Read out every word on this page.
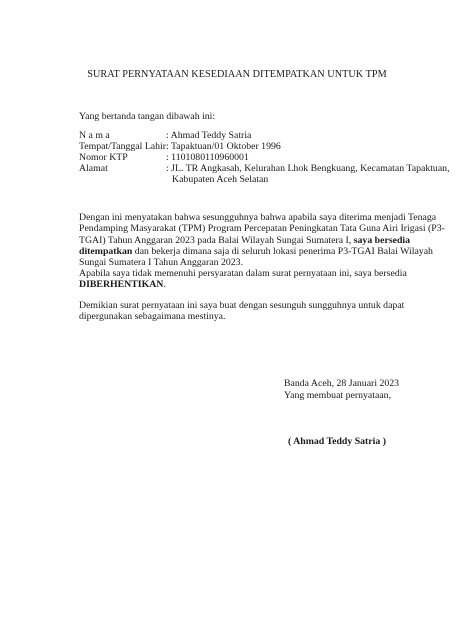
SURAT PERNYATAAN KESEDIAAN DITEMPATKAN UNTUK TPM
Yang bertanda tangan dibawah ini:
N a m a	: Ahmad Teddy Satria
Tempat/Tanggal Lahir : Tapaktuan/01 Oktober 1996
Nomor KTP	: 1101080110960001
Alamat	: JL. TR Angkasah, Kelurahan Lhok Bengkuang, Kecamatan Tapaktuan,
Kabupaten Aceh Selatan
Dengan ini menyatakan bahwa sesungguhnya bahwa apabila saya diterima menjadi Tenaga
Pendamping Masyarakat (TPM) Program Percepatan Peningkatan Tata Guna Airi Irigasi (P3-
TGAI) Tahun Anggaran 2023 pada Balai Wilayah Sungai Sumatera I, saya bersedia
ditempatkan dan bekerja dimana saja di seluruh lokasi penerima P3-TGAI Balai Wilayah
Sungai Sumatera I Tahun Anggaran 2023.
Apabila saya tidak memenuhi persyaratan dalam surat pernyataan ini, saya bersedia
DIBERHENTIKAN.
Demikian surat pernyataan ini saya buat dengan sesunguh sungguhnya untuk dapat
dipergunakan sebagaimana mestinya.
Banda Aceh, 28 Januari 2023
Yang membuat pernyataan,
( Ahmad Teddy Satria )
